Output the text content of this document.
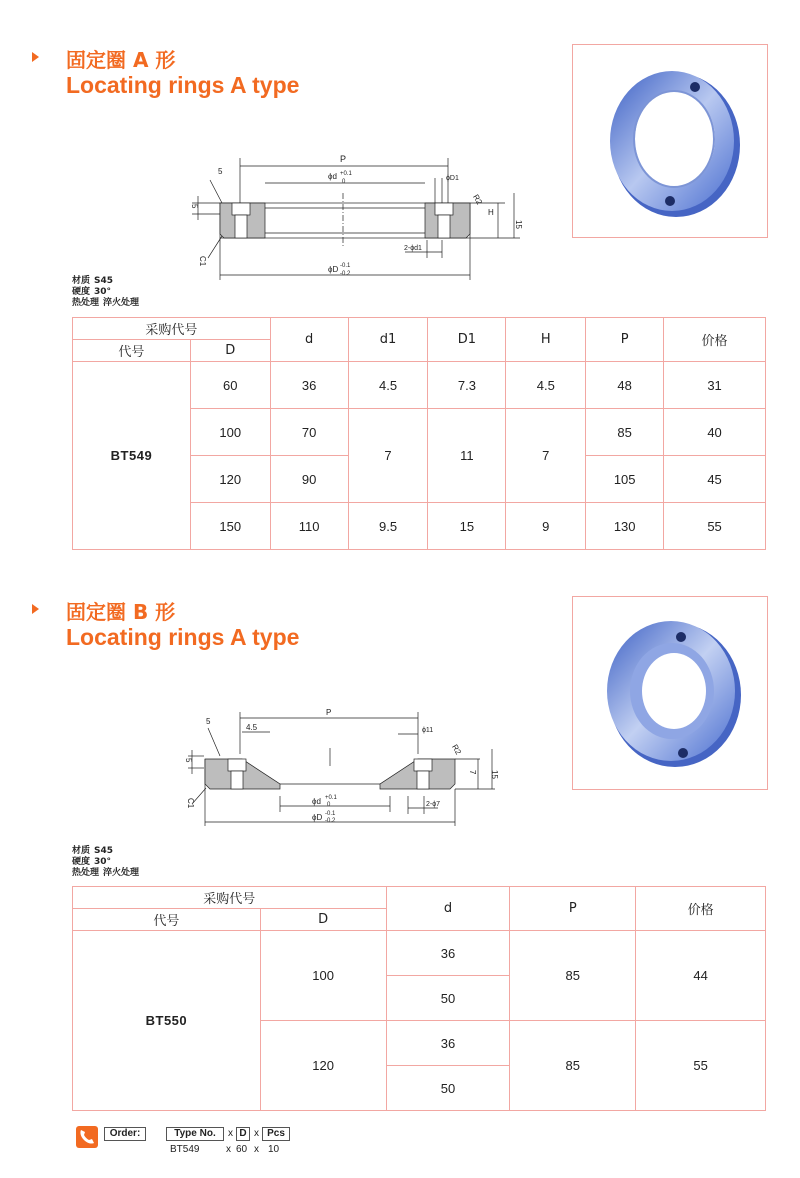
固定圈 A 形
Locating rings A type
P
ϕd +0.1
0	ϕD1
R2
H
15
5
5
C1
2-ϕd1
ϕD -0.1
-0.2
材质 S45
硬度 30°
热处理 淬火处理
采购代号		d	d1	D1	H	P	价格
代号	D						
BT549	60	36	4.5	7.3	4.5	48	31
	100	70	7	11	7	85	40
	120	90				105	45
	150	110	9.5	15	9	130	55
固定圈 B 形
Locating rings A type
P
5
4.5	ϕ11
R2
7 15
5
C1	ϕd +0.1
0	2-ϕ7
ϕD -0.1
-0.2
材质 S45
硬度 30°
热处理 淬火处理
采购代号		d	P	价格
代号	D			
BT550	100	36	85	44
		50		
	120	36	85	55
		50		
Order:	Type No.	x D x Pcs
BT549	x 60 x 10
